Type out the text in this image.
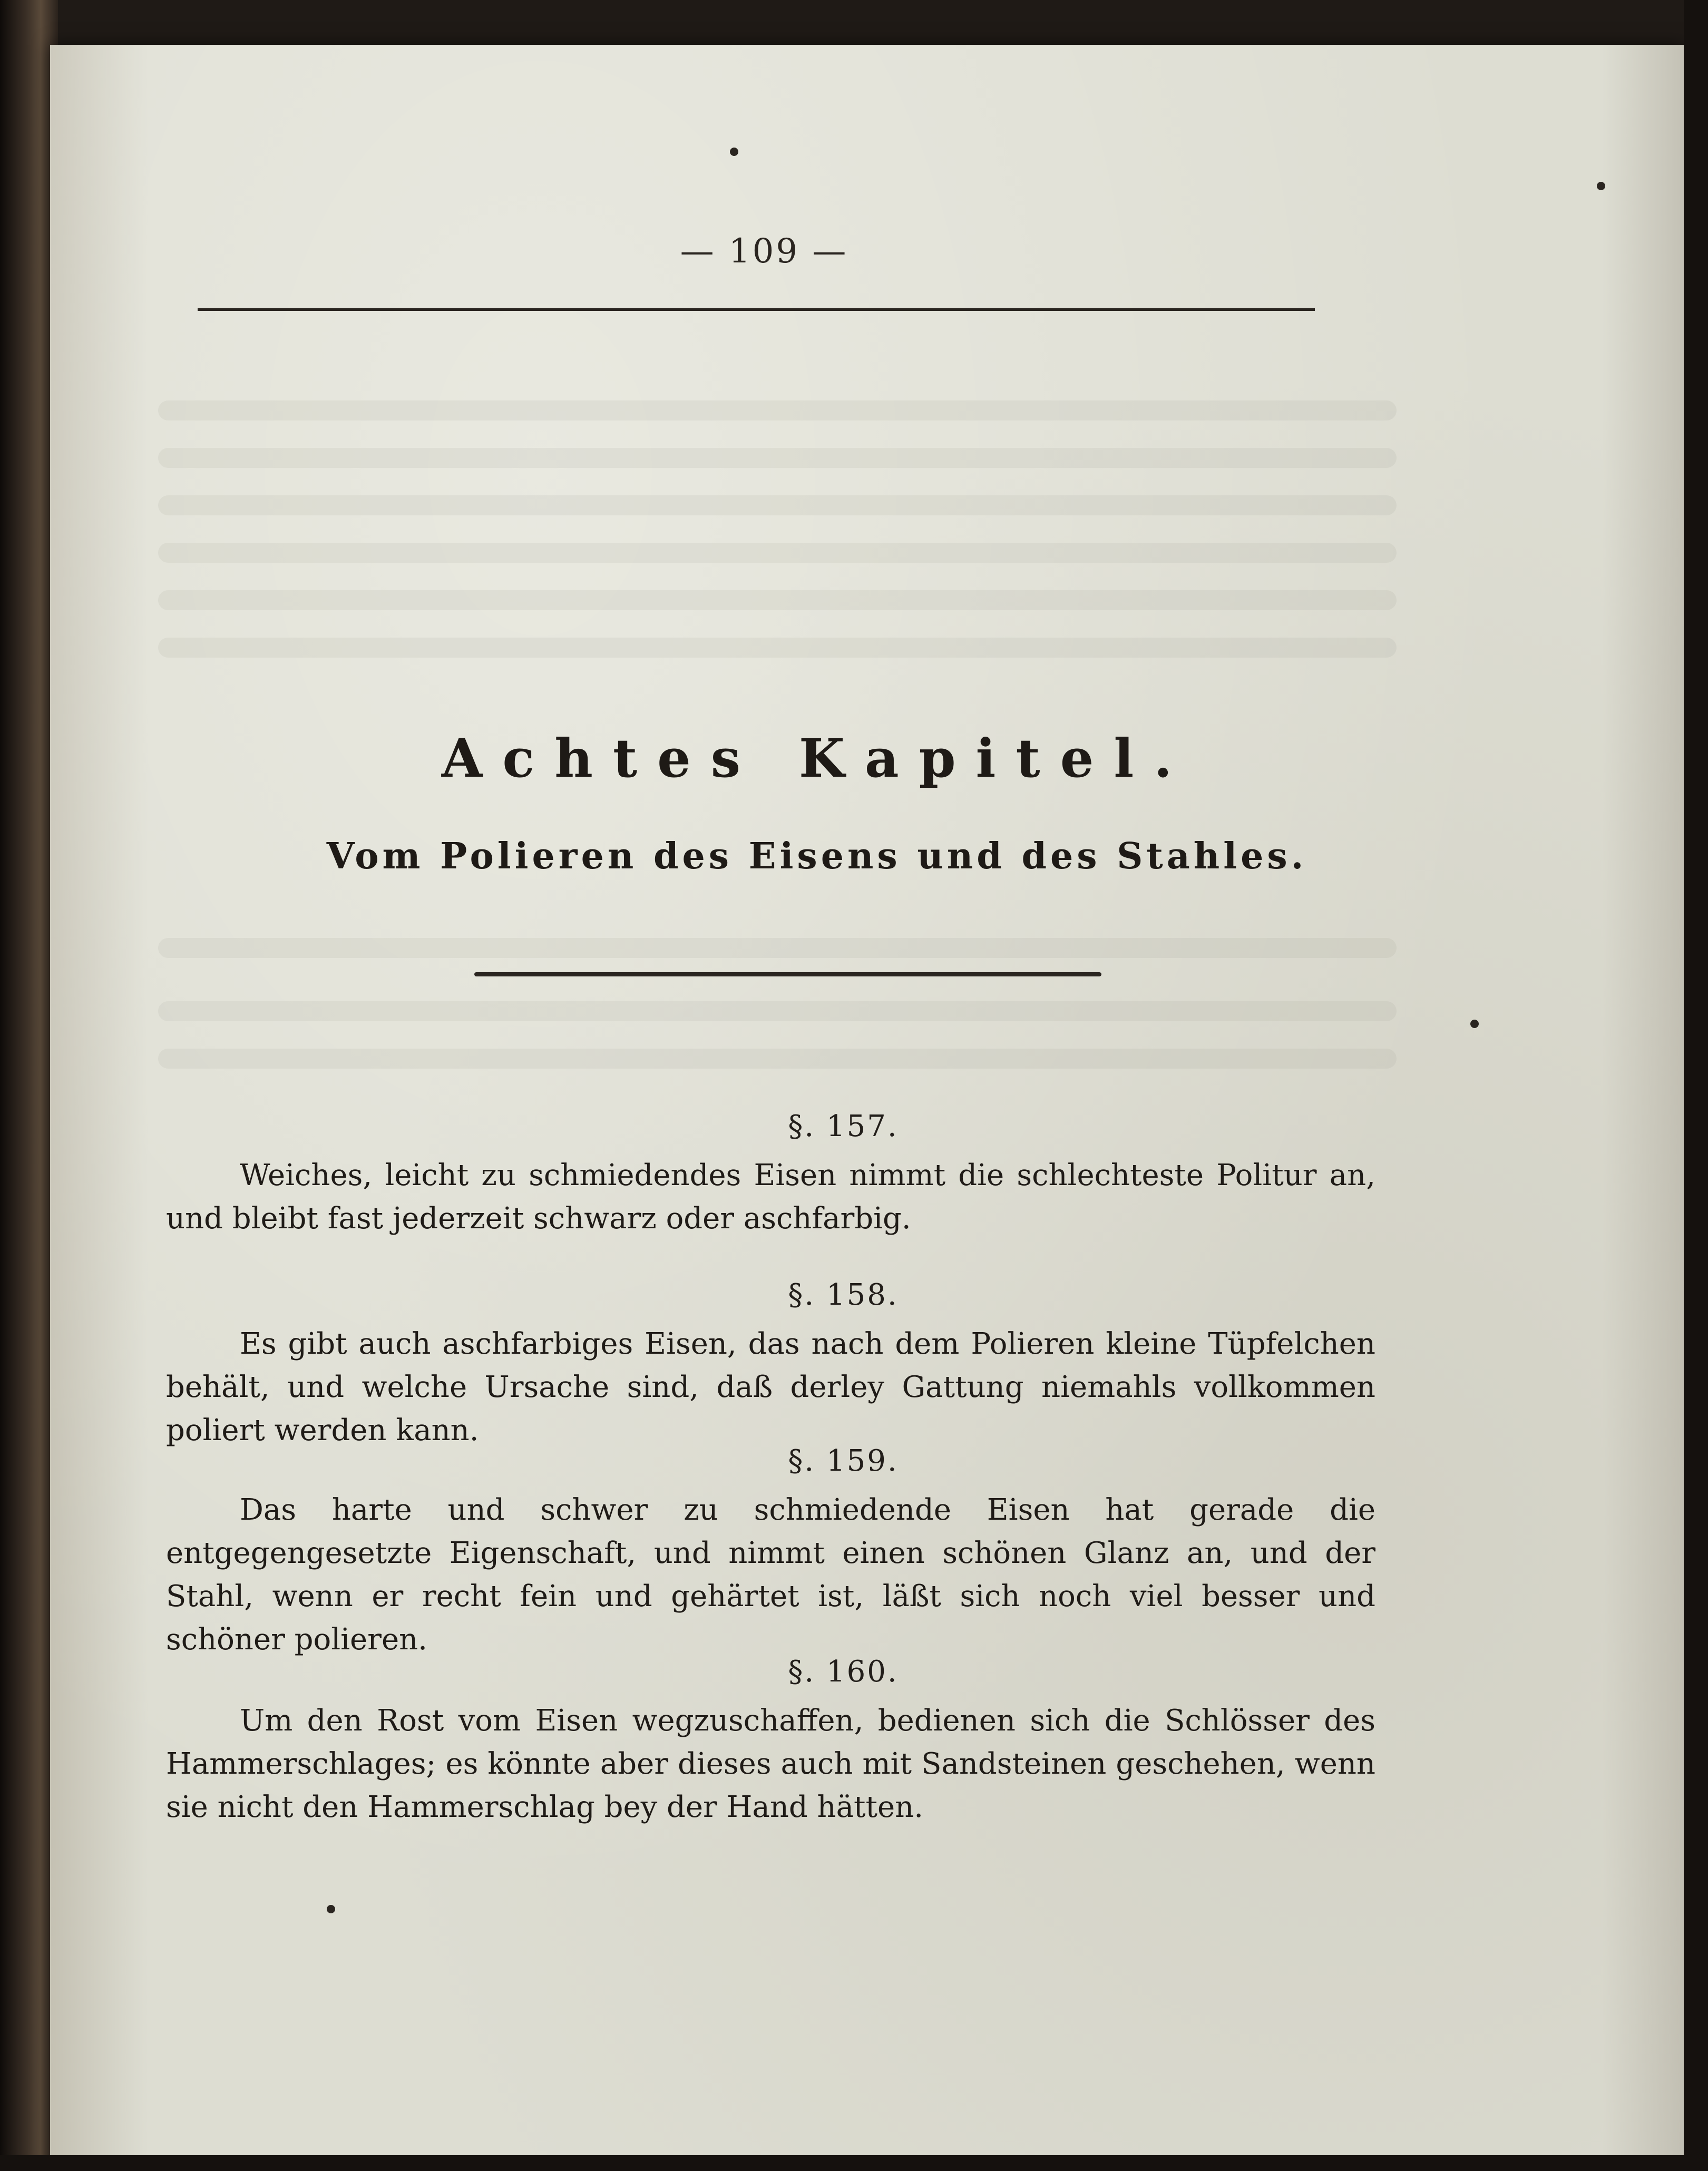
— 109 —
Achtes Kapitel.
Vom Polieren des Eisens und des Stahles.
§. 157.
Weiches, leicht zu schmiedendes Eisen nimmt die schlechteste Politur an, und bleibt fast jederzeit schwarz oder aschfarbig.
§. 158.
Es gibt auch aschfarbiges Eisen, das nach dem Polieren kleine Tüpfelchen behält, und welche Ursache sind, daß derley Gattung niemahls vollkommen poliert werden kann.
§. 159.
Das harte und schwer zu schmiedende Eisen hat gerade die entgegengesetzte Eigenschaft, und nimmt einen schönen Glanz an, und der Stahl, wenn er recht fein und gehärtet ist, läßt sich noch viel besser und schöner polieren.
§. 160.
Um den Rost vom Eisen wegzuschaffen, bedienen sich die Schlösser des Hammerschlages; es könnte aber dieses auch mit Sandsteinen geschehen, wenn sie nicht den Hammerschlag bey der Hand hätten.
